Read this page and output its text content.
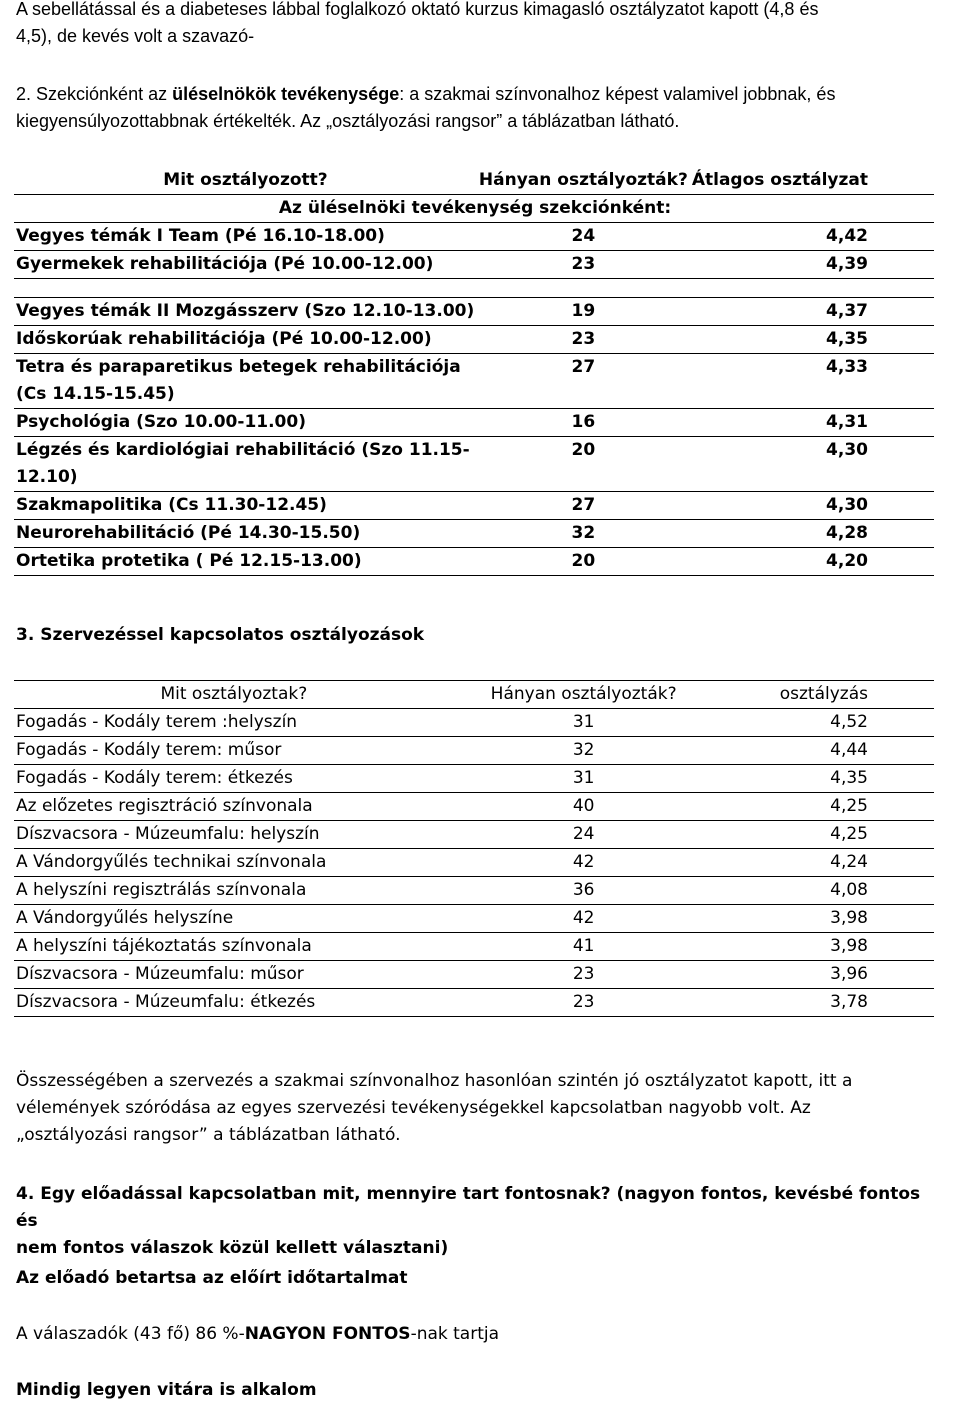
A sebellátással és a diabeteses lábbal foglalkozó oktató kurzus kimagasló osztályzatot kapott (4,8 és
4,5), de kevés volt a szavazó-
2. Szekciónként az üléselnökök tevékenysége: a szakmai színvonalhoz képest valamivel jobbnak, és
kiegyensúlyozottabbnak értékelték. Az „osztályozási rangsor” a táblázatban látható.
Mit osztályozott?	Hányan osztályozták?	Átlagos osztályzat
Az üléselnöki tevékenység szekciónként:		
Vegyes témák I Team (Pé 16.10-18.00)	24	4,42
Gyermekek rehabilitációja (Pé 10.00-12.00)	23	4,39

Vegyes témák II Mozgásszerv (Szo 12.10-13.00)	19	4,37
Időskorúak rehabilitációja (Pé 10.00-12.00)	23	4,35
Tetra és paraparetikus betegek rehabilitációja (Cs 14.15-15.45)	27	4,33
Psychológia (Szo 10.00-11.00)	16	4,31
Légzés és kardiológiai rehabilitáció (Szo 11.15-12.10)	20	4,30
Szakmapolitika (Cs 11.30-12.45)	27	4,30
Neurorehabilitáció (Pé 14.30-15.50)	32	4,28
Ortetika protetika ( Pé 12.15-13.00)	20	4,20
3. Szervezéssel kapcsolatos osztályozások
Mit osztályoztak?	Hányan osztályozták?	osztályzás
Fogadás - Kodály terem :helyszín	31	4,52
Fogadás - Kodály terem: műsor	32	4,44
Fogadás - Kodály terem: étkezés	31	4,35
Az előzetes regisztráció színvonala	40	4,25
Díszvacsora - Múzeumfalu: helyszín	24	4,25
A Vándorgyűlés technikai színvonala	42	4,24
A helyszíni regisztrálás színvonala	36	4,08
A Vándorgyűlés helyszíne	42	3,98
A helyszíni tájékoztatás színvonala	41	3,98
Díszvacsora - Múzeumfalu: műsor	23	3,96
Díszvacsora - Múzeumfalu: étkezés	23	3,78
Összességében a szervezés a szakmai színvonalhoz hasonlóan szintén jó osztályzatot kapott, itt a
vélemények szóródása az egyes szervezési tevékenységekkel kapcsolatban nagyobb volt. Az
„osztályozási rangsor” a táblázatban látható.
4. Egy előadással kapcsolatban mit, mennyire tart fontosnak? (nagyon fontos, kevésbé fontos és
nem fontos válaszok közül kellett választani)
Az előadó betartsa az előírt időtartalmat
A válaszadók (43 fő) 86 %-NAGYON FONTOS-nak tartja
Mindig legyen vitára is alkalom
